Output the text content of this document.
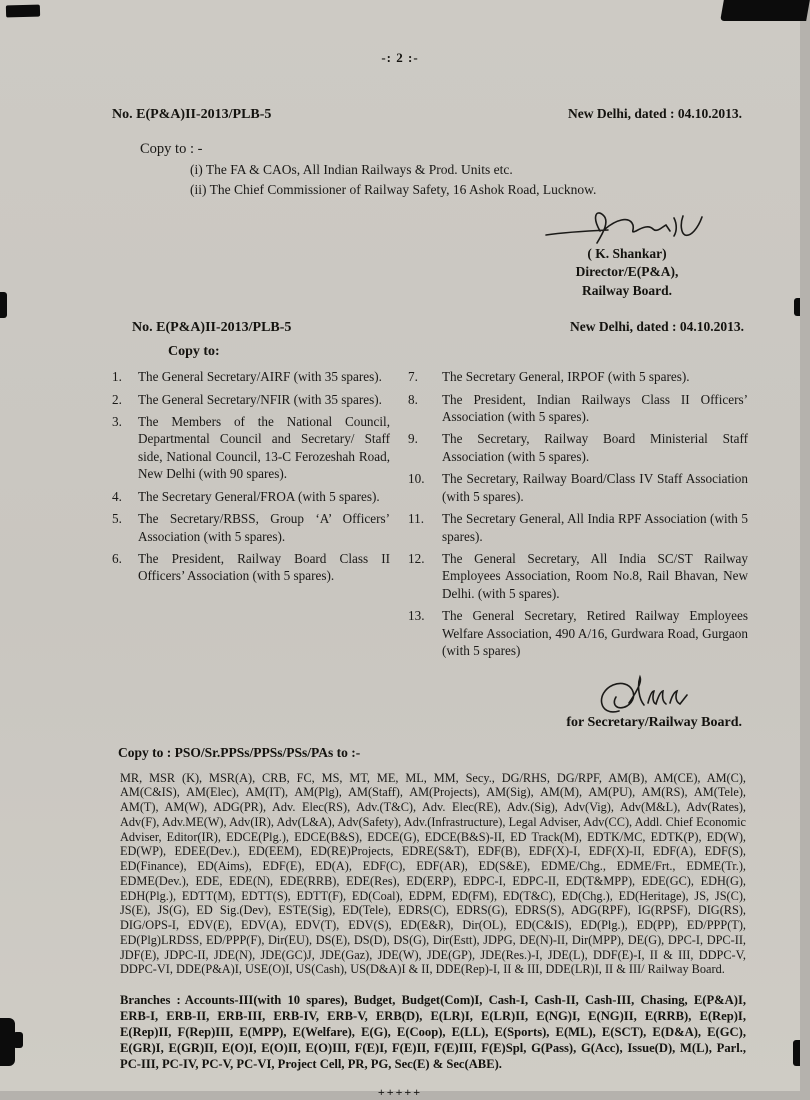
-: 2 :-
No. E(P&A)II-2013/PLB-5	New Delhi, dated : 04.10.2013.
Copy to : -
(i) The FA & CAOs, All Indian Railways & Prod. Units etc.
(ii) The Chief Commissioner of Railway Safety, 16 Ashok Road, Lucknow.
( K. Shankar)
Director/E(P&A),
Railway Board.
No. E(P&A)II-2013/PLB-5	New Delhi, dated : 04.10.2013.
Copy to:
1.	The General Secretary/AIRF (with 35 spares).
2.	The General Secretary/NFIR (with 35 spares).
3.	The Members of the National Council, Departmental Council and Secretary/ Staff side, National Council, 13-C Ferozeshah Road, New Delhi (with 90 spares).
4.	The Secretary General/FROA (with 5 spares).
5.	The Secretary/RBSS, Group ‘A’ Officers’ Association (with 5 spares).
6.	The President, Railway Board Class II Officers’ Association (with 5 spares).
7.	The Secretary General, IRPOF (with 5 spares).
8.	The President, Indian Railways Class II Officers’ Association (with 5 spares).
9.	The Secretary, Railway Board Ministerial Staff Association (with 5 spares).
10.	The Secretary, Railway Board/Class IV Staff Association (with 5 spares).
11.	The Secretary General, All India RPF Association (with 5 spares).
12.	The General Secretary, All India SC/ST Railway Employees Association, Room No.8, Rail Bhavan, New Delhi. (with 5 spares).
13.	The General Secretary, Retired Railway Employees Welfare Association, 490 A/16, Gurdwara Road, Gurgaon (with 5 spares)
for Secretary/Railway Board.
Copy to : PSO/Sr.PPSs/PPSs/PSs/PAs to :-

MR, MSR (K), MSR(A), CRB, FC, MS, MT, ME, ML, MM, Secy., DG/RHS, DG/RPF, AM(B), AM(CE), AM(C), AM(C&IS), AM(Elec), AM(IT), AM(Plg), AM(Staff), AM(Projects), AM(Sig), AM(M), AM(PU), AM(RS), AM(Tele), AM(T), AM(W), ADG(PR), Adv. Elec(RS), Adv.(T&C), Adv. Elec(RE), Adv.(Sig), Adv(Vig), Adv(M&L), Adv(Rates), Adv(F), Adv.ME(W), Adv(IR), Adv(L&A), Adv(Safety), Adv.(Infrastructure), Legal Adviser, Adv(CC), Addl. Chief Economic Adviser, Editor(IR), EDCE(Plg.), EDCE(B&S), EDCE(G), EDCE(B&S)-II, ED Track(M), EDTK/MC, EDTK(P), ED(W), ED(WP), EDEE(Dev.), ED(EEM), ED(RE)Projects, EDRE(S&T), EDF(B), EDF(X)-I, EDF(X)-II, EDF(A), EDF(S), ED(Finance), ED(Aims), EDF(E), ED(A), EDF(C), EDF(AR), ED(S&E), EDME/Chg., EDME/Frt., EDME(Tr.), EDME(Dev.), EDE, EDE(N), EDE(RRB), EDE(Res), ED(ERP), EDPC-I, EDPC-II, ED(T&MPP), EDE(GC), EDH(G), EDH(Plg.), EDTT(M), EDTT(S), EDTT(F), ED(Coal), EDPM, ED(FM), ED(T&C), ED(Chg.), ED(Heritage), JS, JS(C), JS(E), JS(G), ED Sig.(Dev), ESTE(Sig), ED(Tele), EDRS(C), EDRS(G), EDRS(S), ADG(RPF), IG(RPSF), DIG(RS), DIG/OPS-I, EDV(E), EDV(A), EDV(T), EDV(S), ED(E&R), Dir(OL), ED(C&IS), ED(Plg.), ED(PP), ED/PPP(T), ED(Plg)LRDSS, ED/PPP(F), Dir(EU), DS(E), DS(D), DS(G), Dir(Estt), JDPG, DE(N)-II, Dir(MPP), DE(G), DPC-I, DPC-II, JDF(E), JDPC-II, JDE(N), JDE(GC)J, JDE(Gaz), JDE(W), JDE(GP), JDE(Res.)-I, JDE(L), DDF(E)-I, II & III, DDPC-V, DDPC-VI, DDE(P&A)I, USE(O)I, US(Cash), US(D&A)I & II, DDE(Rep)-I, II & III, DDE(LR)I, II & III/ Railway Board.

Branches : Accounts-III(with 10 spares), Budget, Budget(Com)I, Cash-I, Cash-II, Cash-III, Chasing, E(P&A)I, ERB-I, ERB-II, ERB-III, ERB-IV, ERB-V, ERB(D), E(LR)I, E(LR)II, E(NG)I, E(NG)II, E(RRB), E(Rep)I, E(Rep)II, F(Rep)III, E(MPP), E(Welfare), E(G), E(Coop), E(LL), E(Sports), E(ML), E(SCT), E(D&A), E(GC), E(GR)I, E(GR)II, E(O)I, E(O)II, E(O)III, F(E)I, F(E)II, F(E)III, F(E)Spl, G(Pass), G(Acc), Issue(D), M(L), Parl., PC-III, PC-IV, PC-V, PC-VI, Project Cell, PR, PG, Sec(E) & Sec(ABE).

+++++
